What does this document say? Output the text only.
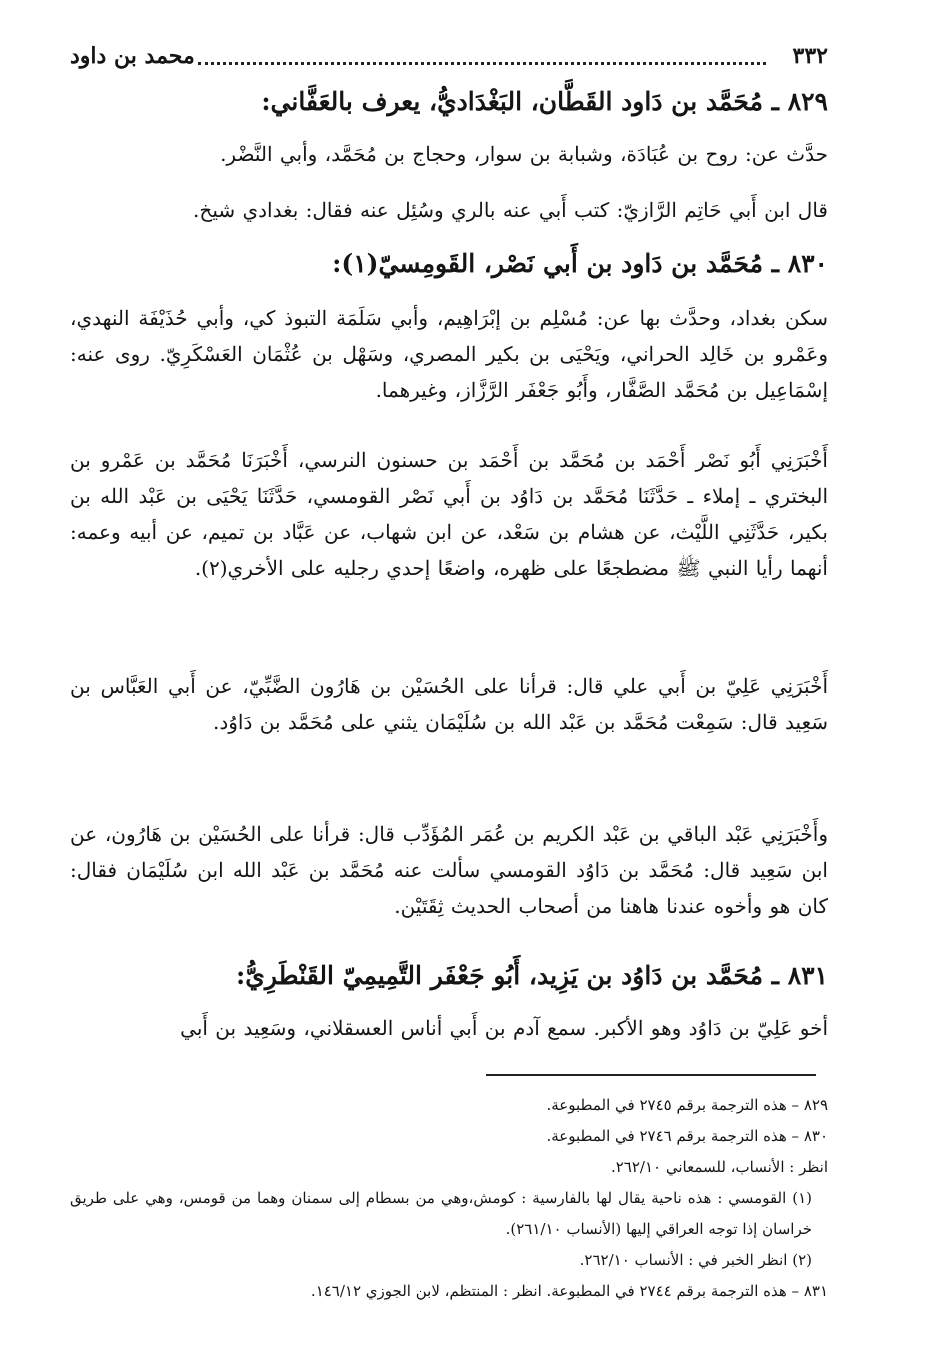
٣٣٢
محمد بن داود
٨٢٩ ـ مُحَمَّد بن دَاود القَطَّان، البَغْدَاديُّ، يعرف بالعَفَّاني:
حدَّث عن: روح بن عُبَادَة، وشبابة بن سوار، وحجاج بن مُحَمَّد، وأبي النَّضْر.
قال ابن أَبي حَاتِم الرَّازيّ: كتب أَبي عنه بالري وسُئِل عنه فقال: بغدادي شيخ.
٨٣٠ ـ مُحَمَّد بن دَاود بن أَبي نَصْر، القَومِسيّ(١):
سكن بغداد، وحدَّث بها عن: مُسْلِم بن إبْرَاهِيم، وأبي سَلَمَة التبوذ كي، وأبي حُذَيْفَة النهدي، وعَمْرو بن خَالِد الحراني، ويَحْيَى بن بكير المصري، وسَهْل بن عُثْمَان العَسْكَرِيّ. روى عنه: إسْمَاعِيل بن مُحَمَّد الصَّفَّار، وأَبُو جَعْفَر الرَّزَّاز، وغيرهما.
أَخْبَرَنِي أَبُو نَصْر أَحْمَد بن مُحَمَّد بن أَحْمَد بن حسنون النرسي، أَخْبَرَنَا مُحَمَّد بن عَمْرو بن البختري ـ إملاء ـ حَدَّثَنَا مُحَمَّد بن دَاوُد بن أَبي نَصْر القومسي، حَدَّثَنَا يَحْيَى بن عَبْد الله بن بكير، حَدَّثَنِي اللَّيْث، عن هشام بن سَعْد، عن ابن شهاب، عن عَبَّاد بن تميم، عن أبيه وعمه: أنهما رأيا النبي ﷺ مضطجعًا على ظهره، واضعًا إحدي رجليه على الأخري(٢).
أَخْبَرَنِي عَلِيّ بن أَبي علي قال: قرأنا على الحُسَيْن بن هَارُون الضَّبِّيّ، عن أَبي العَبَّاس بن سَعِيد قال: سَمِعْت مُحَمَّد بن عَبْد الله بن سُلَيْمَان يثني على مُحَمَّد بن دَاوُد.
وأَخْبَرَنِي عَبْد الباقي بن عَبْد الكريم بن عُمَر المُؤَدِّب قال: قرأنا على الحُسَيْن بن هَارُون، عن ابن سَعِيد قال: مُحَمَّد بن دَاوُد القومسي سألت عنه مُحَمَّد بن عَبْد الله ابن سُلَيْمَان فقال: كان هو وأخوه عندنا هاهنا من أصحاب الحديث ثِقَتَيْن.
٨٣١ ـ مُحَمَّد بن دَاوُد بن يَزِيد، أَبُو جَعْفَر التَّمِيمِيّ القَنْطَرِيُّ:
أخو عَلِيّ بن دَاوُد وهو الأكبر. سمع آدم بن أَبي أناس العسقلاني، وسَعِيد بن أَبي
٨٢٩ – هذه الترجمة برقم ٢٧٤٥ في المطبوعة.
٨٣٠ – هذه الترجمة برقم ٢٧٤٦ في المطبوعة.
انظر : الأنساب، للسمعاني ٢٦٢/١٠.
(١) القومسي : هذه ناحية يقال لها بالفارسية : كومش،وهي من بسطام إلى سمنان وهما من قومس، وهي على طريق خراسان إذا توجه العراقي إليها (الأنساب ٢٦١/١٠).
(٢) انظر الخبر في : الأنساب ٢٦٢/١٠.
٨٣١ – هذه الترجمة برقم ٢٧٤٤ في المطبوعة. انظر : المنتظم، لابن الجوزي ١٤٦/١٢.
